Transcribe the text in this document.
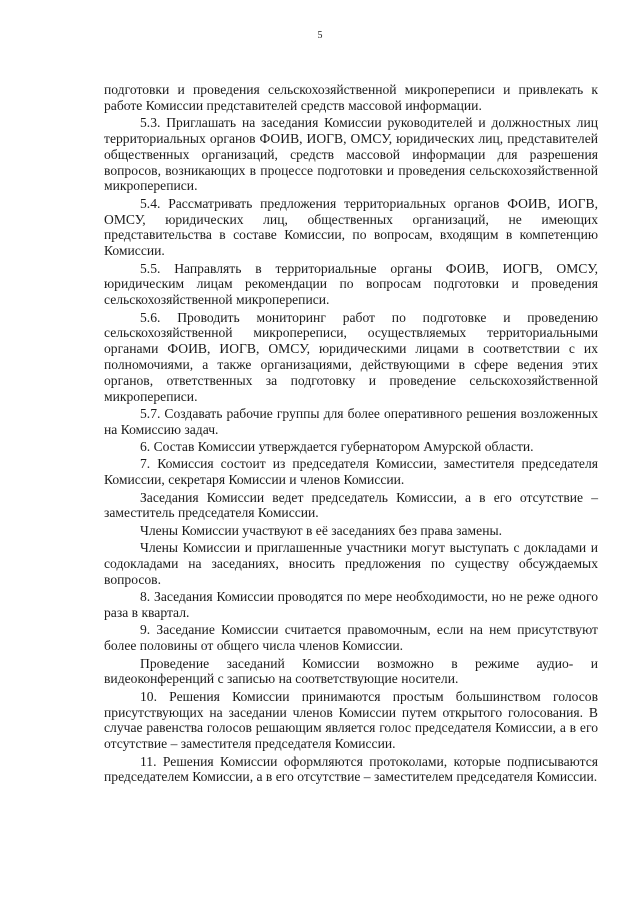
5

подготовки и проведения сельскохозяйственной микропереписи и привлекать к работе Комиссии представителей средств массовой информации.

5.3. Приглашать на заседания Комиссии руководителей и должностных лиц территориальных органов ФОИВ, ИОГВ, ОМСУ, юридических лиц, представителей общественных организаций, средств массовой информации для разрешения вопросов, возникающих в процессе подготовки и проведения сельскохозяйственной микропереписи.

5.4. Рассматривать предложения территориальных органов ФОИВ, ИОГВ, ОМСУ, юридических лиц, общественных организаций, не имеющих представительства в составе Комиссии, по вопросам, входящим в компетенцию Комиссии.

5.5. Направлять в территориальные органы ФОИВ, ИОГВ, ОМСУ, юридическим лицам рекомендации по вопросам подготовки и проведения сельскохозяйственной микропереписи.

5.6. Проводить мониторинг работ по подготовке и проведению сельскохозяйственной микропереписи, осуществляемых территориальными органами ФОИВ, ИОГВ, ОМСУ, юридическими лицами в соответствии с их полномочиями, а также организациями, действующими в сфере ведения этих органов, ответственных за подготовку и проведение сельскохозяйственной микропереписи.

5.7. Создавать рабочие группы для более оперативного решения возложенных на Комиссию задач.

6. Состав Комиссии утверждается губернатором Амурской области.

7. Комиссия состоит из председателя Комиссии, заместителя председателя Комиссии, секретаря Комиссии и членов Комиссии.

Заседания Комиссии ведет председатель Комиссии, а в его отсутствие – заместитель председателя Комиссии.

Члены Комиссии участвуют в её заседаниях без права замены.

Члены Комиссии и приглашенные участники могут выступать с докладами и содокладами на заседаниях, вносить предложения по существу обсуждаемых вопросов.

8. Заседания Комиссии проводятся по мере необходимости, но не реже одного раза в квартал.

9. Заседание Комиссии считается правомочным, если на нем присутствуют более половины от общего числа членов Комиссии.

Проведение заседаний Комиссии возможно в режиме аудио- и видеоконференций с записью на соответствующие носители.

10. Решения Комиссии принимаются простым большинством голосов присутствующих на заседании членов Комиссии путем открытого голосования. В случае равенства голосов решающим является голос председателя Комиссии, а в его отсутствие – заместителя председателя Комиссии.

11. Решения Комиссии оформляются протоколами, которые подписываются председателем Комиссии, а в его отсутствие – заместителем председателя Комиссии.
